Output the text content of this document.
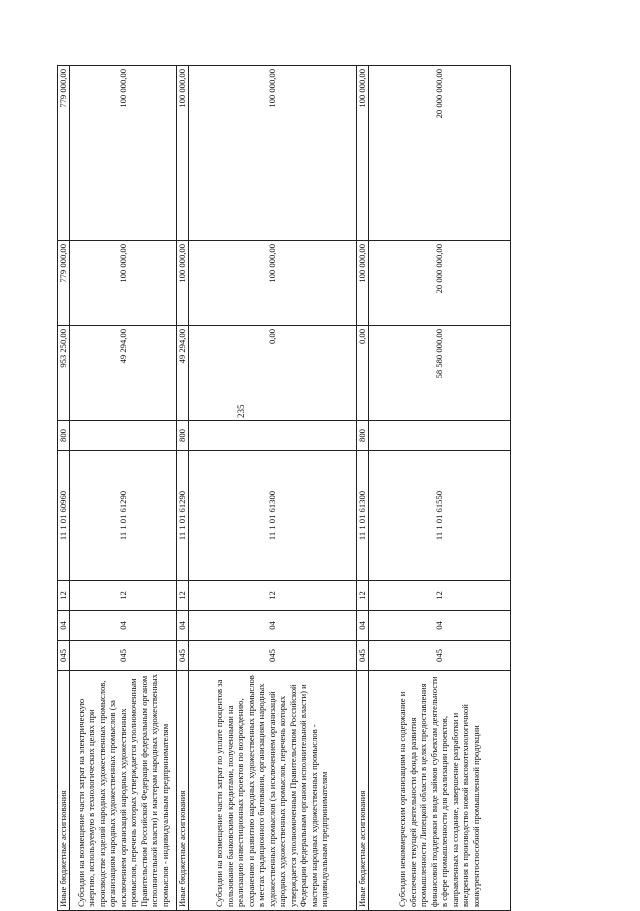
235
Иные бюджетные ассигнования	045	04	12	11 1 01 60960	800	953 250,00	779 000,00	779 000,00
Субсидии на возмещение части затрат на электрическую энергию, используемую в технологических целях при производстве изделий народных художественных промыслов, организациям народных художественных промыслов (за исключением организаций народных художественных промыслов, перечень которых утверждается уполномоченным Правительством Российской Федерации федеральным органом исполнительной власти) и мастерам народных художественных промыслов - индивидуальным предпринимателям	045	04	12	11 1 01 61290		49 294,00	100 000,00	100 000,00
Иные бюджетные ассигнования	045	04	12	11 1 01 61290	800	49 294,00	100 000,00	100 000,00
Субсидии на возмещение части затрат по уплате процентов за пользование банковскими кредитами, полученными на реализацию инвестиционных проектов по возрождению, сохранению и развитию народных художественных промыслов в местах традиционного бытования, организациям народных художественных промыслов (за исключением организаций народных художественных промыслов, перечень которых утверждается уполномоченным Правительством Российской Федерации федеральным органом исполнительной власти) и мастерам народных художественных промыслов - индивидуальным предпринимателям	045	04	12	11 1 01 61300		0,00	100 000,00	100 000,00
Иные бюджетные ассигнования	045	04	12	11 1 01 61300	800	0,00	100 000,00	100 000,00
Субсидии некоммерческим организациям на содержание и обеспечение текущей деятельности фонда развития промышленности Липецкой области в целях предоставления финансовой поддержки в виде займов субъектам деятельности в сфере промышленности для реализации проектов, направленных на создание, завершение разработки и внедрения в производство новой высокотехнологичной конкурентоспособной промышленной продукции	045	04	12	11 1 01 61550		58 580 000,00	20 000 000,00	20 000 000,00
